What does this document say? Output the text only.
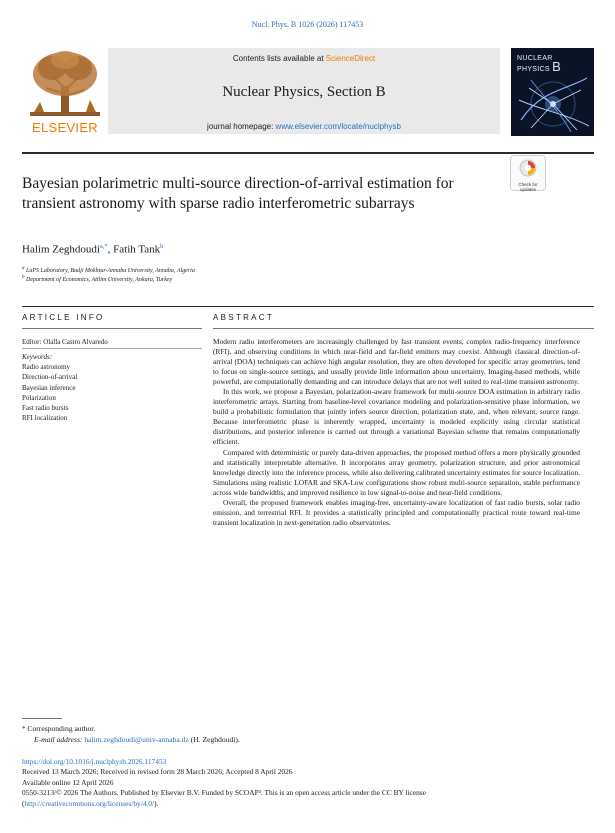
Nucl. Phys. B 1026 (2026) 117453
ELSEVIER
Contents lists available at ScienceDirect
Nuclear Physics, Section B
journal homepage: www.elsevier.com/locate/nuclphysb
NUCLEAR
PHYSICS B
Bayesian polarimetric multi-source direction-of-arrival estimation for transient astronomy with sparse radio interferometric subarrays
Check for
updates
Halim Zeghdoudi$^{a,*}$, Fatih Tank$^b$
$^a$ LaPS Laboratory, Badji Mokhtar-Annaba University, Annaba, Algeria
$^b$ Department of Economics, Atilim University, Ankara, Turkey
ARTICLE INFO	ABSTRACT
Editor: Olalla Castro Alvaredo
Keywords:
Radio astronomy
Direction-of-arrival
Bayesian inference
Polarization
Fast radio bursts
RFI localization

Modern radio interferometers are increasingly challenged by fast transient events, complex radio-frequency interference (RFI), and observing conditions in which near-field and far-field emitters may coexist. Although classical direction-of-arrival (DOA) techniques can achieve high angular resolution, they are often developed for specific array geometries, tend to focus on single-source settings, and usually provide little information about uncertainty. Imaging-based methods, while powerful, are computationally demanding and can introduce delays that are not well suited to real-time transient astronomy.

In this work, we propose a Bayesian, polarization-aware framework for multi-source DOA estimation in arbitrary radio interferometric arrays. Starting from baseline-level covariance modeling and polarization-sensitive phase information, we build a probabilistic formulation that jointly infers source direction, polarization state, and, when relevant, source range. Because interferometric phase is inherently wrapped, uncertainty is modeled explicitly using circular statistical distributions, and posterior inference is carried out through a variational Bayesian scheme that remains computationally efficient.

Compared with deterministic or purely data-driven approaches, the proposed method offers a more physically grounded and statistically interpretable alternative. It incorporates array geometry, polarization structure, and prior astronomical knowledge directly into the inference process, while also delivering calibrated uncertainty estimates for source localization. Simulations using realistic LOFAR and SKA-Low configurations show robust multi-source separation, stable performance across wide bandwidths, and improved resilience in low signal-to-noise and near-field conditions.

Overall, the proposed framework enables imaging-free, uncertainty-aware localization of fast radio bursts, solar radio emission, and terrestrial RFI. It provides a statistically principled and computationally practical route toward real-time transient localization in next-generation radio observatories.

* Corresponding author.
E-mail address: halim.zeghdoudi@univ-annaba.dz (H. Zeghdoudi).
https://doi.org/10.1016/j.nuclphysb.2026.117453
Received 13 March 2026; Received in revised form 28 March 2026; Accepted 8 April 2026
Available online 12 April 2026
0550-3213/© 2026 The Authors. Published by Elsevier B.V. Funded by SCOAP³. This is an open access article under the CC BY license
(http://creativecommons.org/licenses/by/4.0/).
